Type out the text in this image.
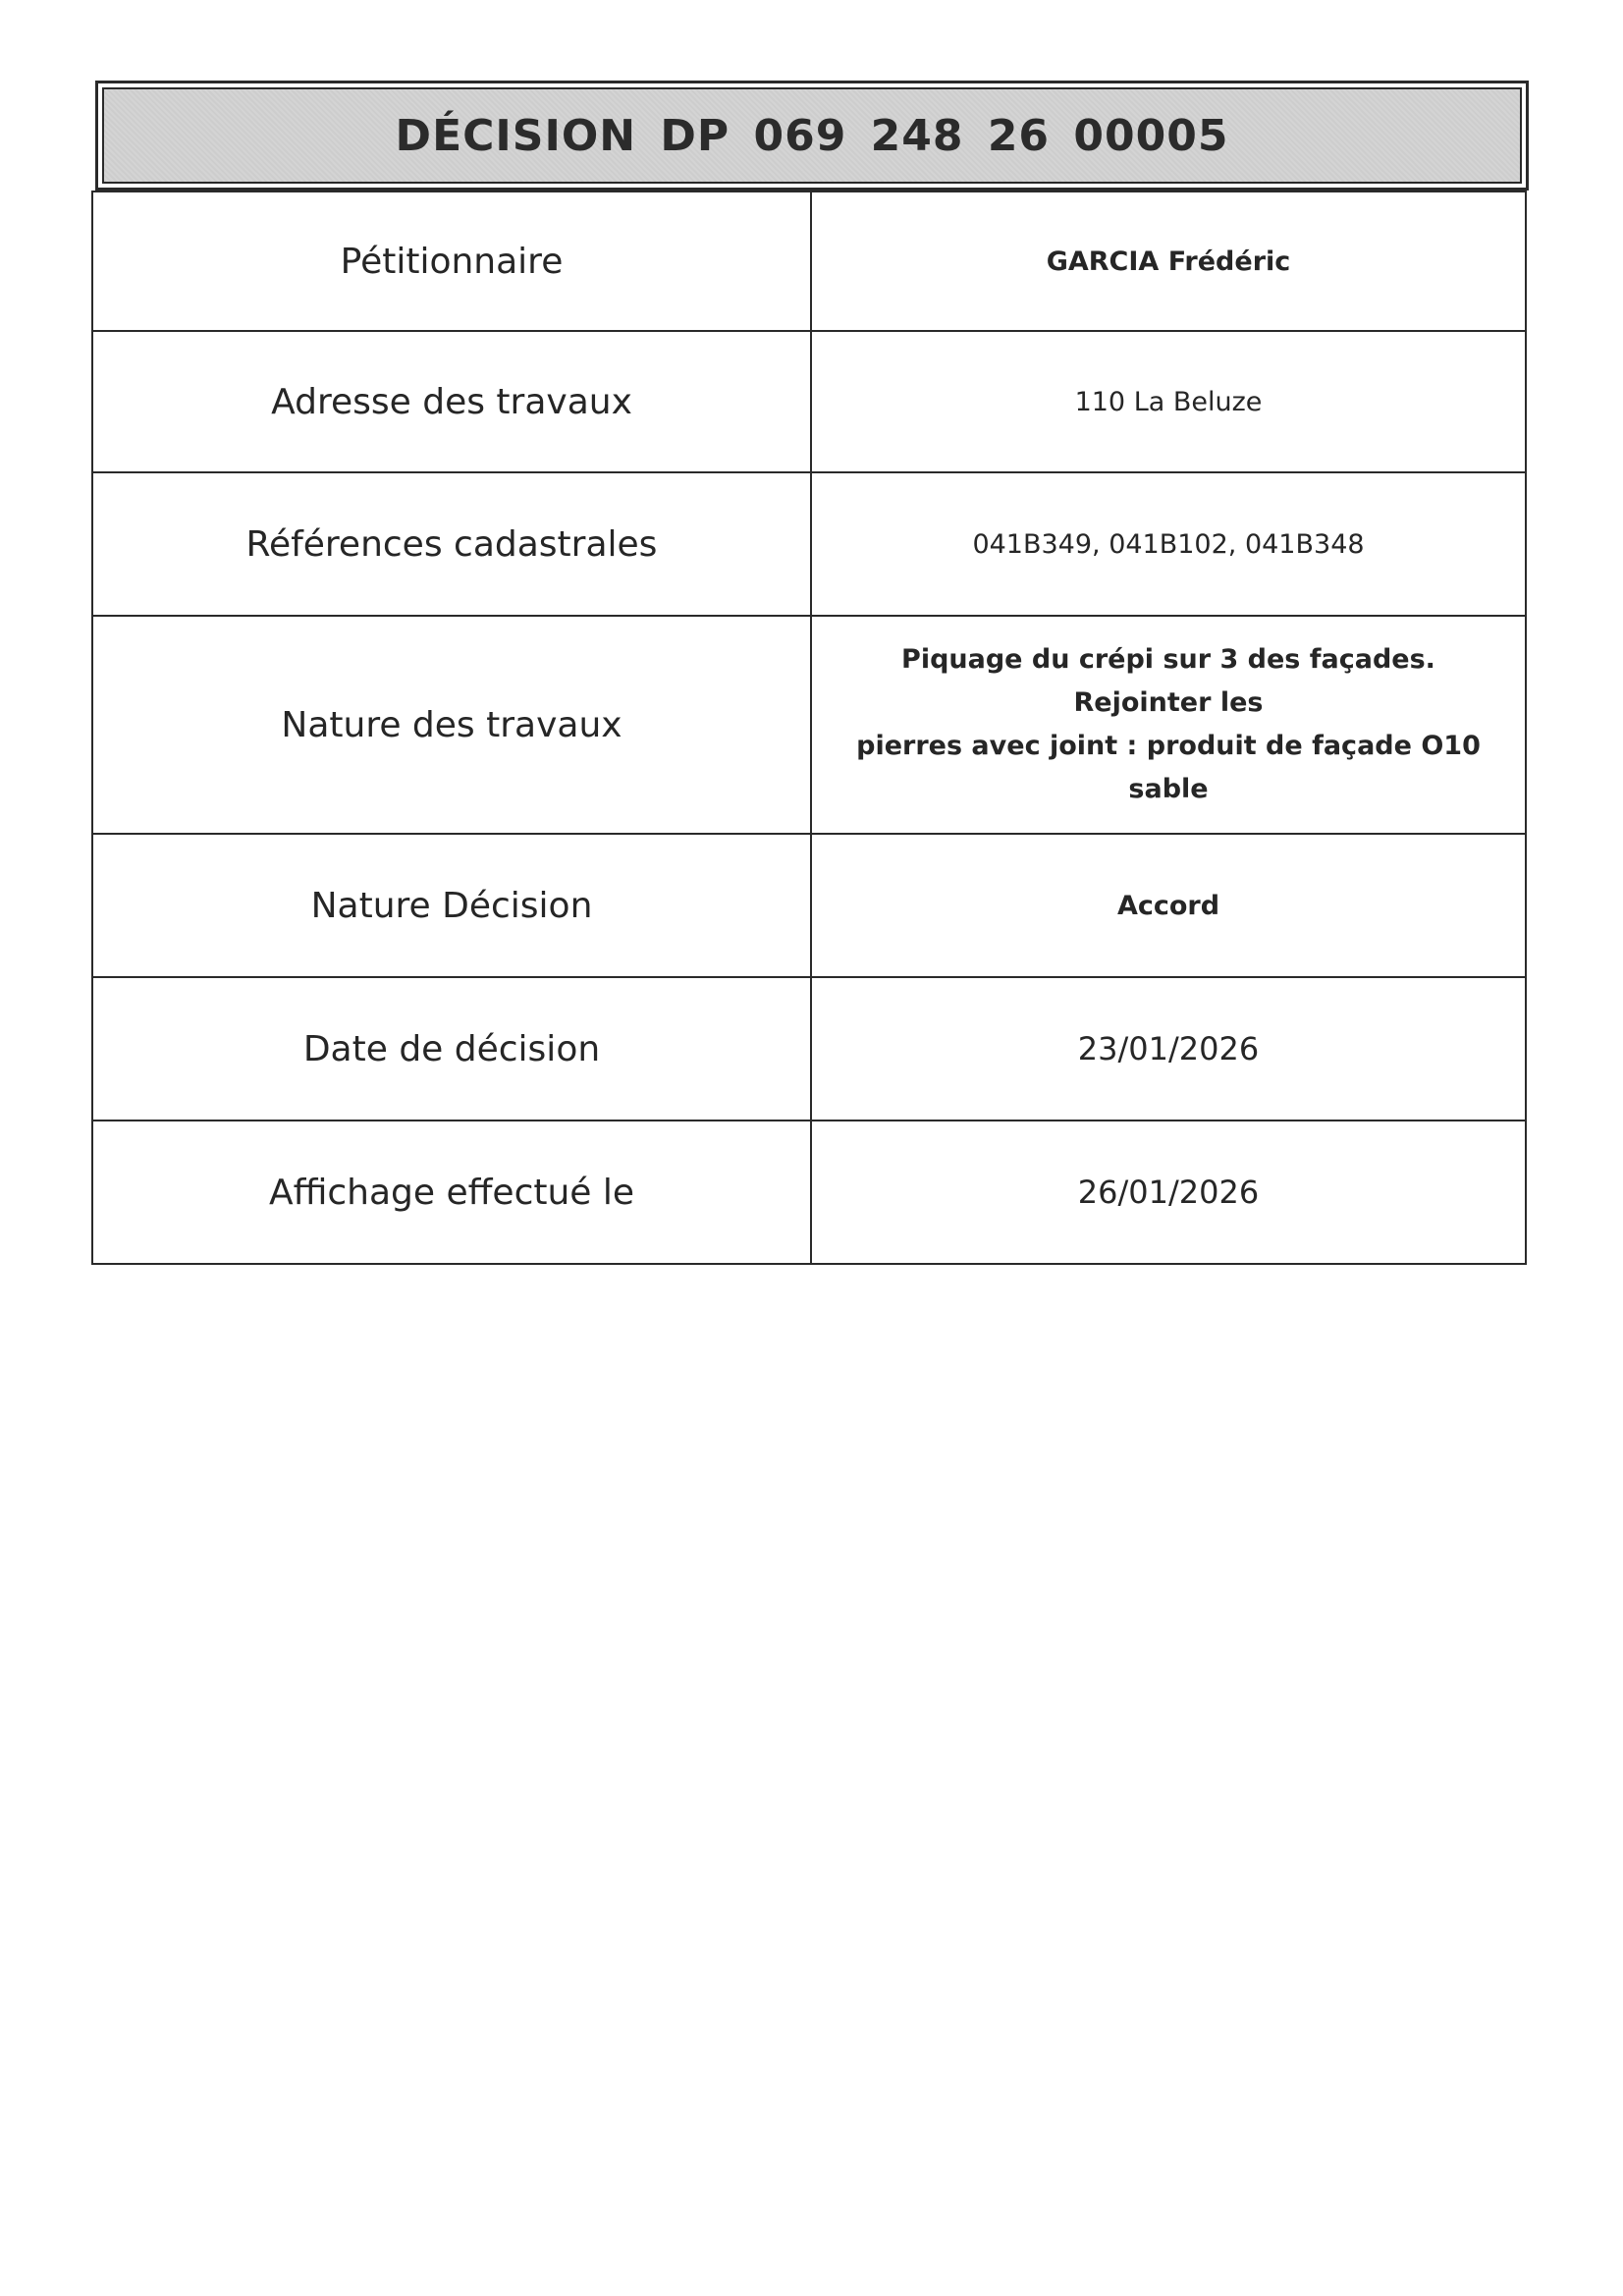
DÉCISION DP 069 248 26 00005
Pétitionnaire	GARCIA Frédéric
Adresse des travaux	110 La Beluze
Références cadastrales	041B349, 041B102, 041B348
Nature des travaux	Piquage du crépi sur 3 des façades. Rejointer les
pierres avec joint : produit de façade O10 sable

Nature Décision	Accord
Date de décision	23/01/2026
Affichage effectué le	26/01/2026
